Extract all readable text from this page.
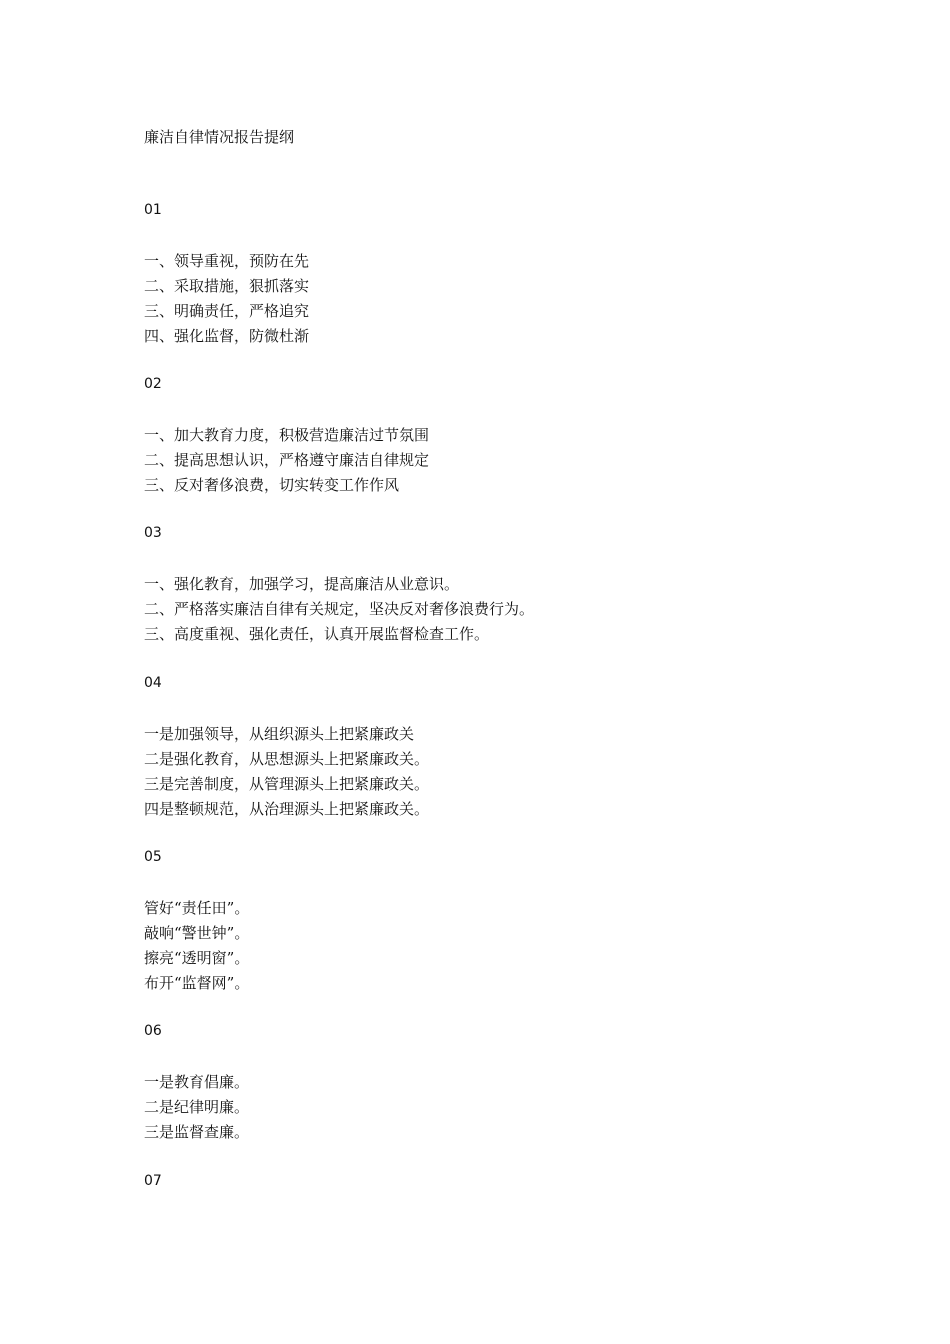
廉洁自律情况报告提纲
01
一、领导重视，预防在先
二、采取措施，狠抓落实
三、明确责任，严格追究
四、强化监督，防微杜渐
02
一、加大教育力度，积极营造廉洁过节氛围
二、提高思想认识，严格遵守廉洁自律规定
三、反对奢侈浪费，切实转变工作作风
03
一、强化教育，加强学习，提高廉洁从业意识。
二、严格落实廉洁自律有关规定，坚决反对奢侈浪费行为。
三、高度重视、强化责任，认真开展监督检查工作。
04
一是加强领导，从组织源头上把紧廉政关
二是强化教育，从思想源头上把紧廉政关。
三是完善制度，从管理源头上把紧廉政关。
四是整顿规范，从治理源头上把紧廉政关。
05
管好“责任田”。
敲响“警世钟”。
擦亮“透明窗”。
布开“监督网”。
06
一是教育倡廉。
二是纪律明廉。
三是监督查廉。
07
